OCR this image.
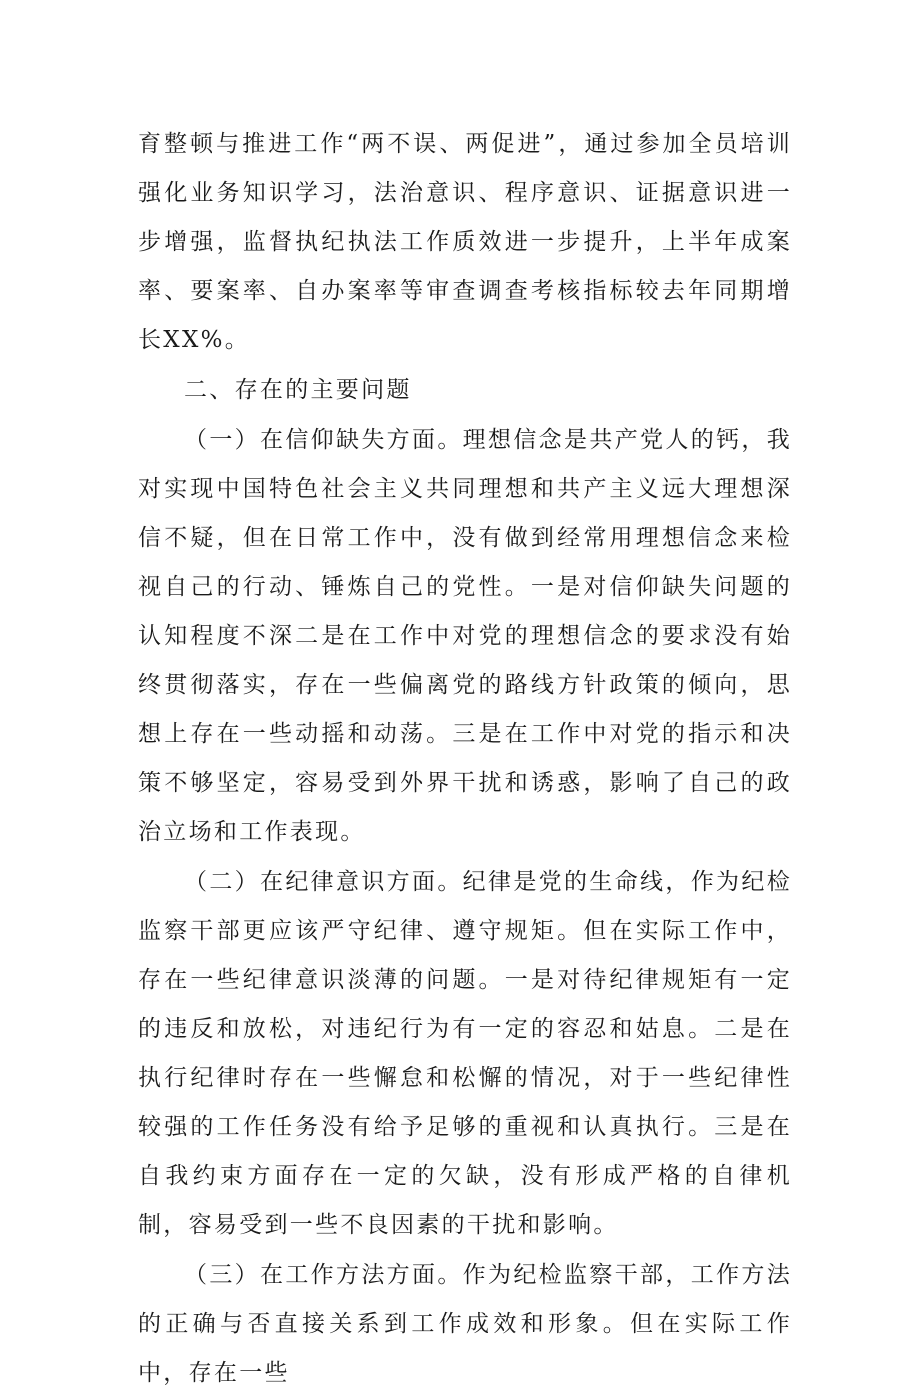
育整顿与推进工作“两不误、两促进”，通过参加全员培训强化业务知识学习，法治意识、程序意识、证据意识进一步增强，监督执纪执法工作质效进一步提升，上半年成案率、要案率、自办案率等审查调查考核指标较去年同期增长XX%。

二、存在的主要问题

（一）在信仰缺失方面。理想信念是共产党人的钙，我对实现中国特色社会主义共同理想和共产主义远大理想深信不疑，但在日常工作中，没有做到经常用理想信念来检视自己的行动、锤炼自己的党性。一是对信仰缺失问题的认知程度不深二是在工作中对党的理想信念的要求没有始终贯彻落实，存在一些偏离党的路线方针政策的倾向，思想上存在一些动摇和动荡。三是在工作中对党的指示和决策不够坚定，容易受到外界干扰和诱惑，影响了自己的政治立场和工作表现。

（二）在纪律意识方面。纪律是党的生命线，作为纪检监察干部更应该严守纪律、遵守规矩。但在实际工作中，存在一些纪律意识淡薄的问题。一是对待纪律规矩有一定的违反和放松，对违纪行为有一定的容忍和姑息。二是在执行纪律时存在一些懈怠和松懈的情况，对于一些纪律性较强的工作任务没有给予足够的重视和认真执行。三是在自我约束方面存在一定的欠缺，没有形成严格的自律机制，容易受到一些不良因素的干扰和影响。

（三）在工作方法方面。作为纪检监察干部，工作方法的正确与否直接关系到工作成效和形象。但在实际工作中，存在一些
